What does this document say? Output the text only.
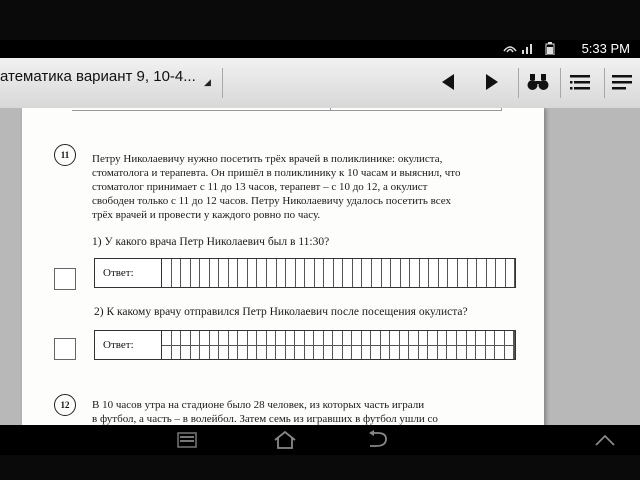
5:33 PM
атематика вариант 9, 10-4... ◢
11	Петру Николаевичу нужно посетить трёх врачей в поликлинике: окулиста,
стоматолога и терапевта. Он пришёл в поликлинику к 10 часам и выяснил, что
стоматолог принимает с 11 до 13 часов, терапевт – с 10 до 12, а окулист
свободен только с 11 до 12 часов. Петру Николаевичу удалось посетить всех
трёх врачей и провести у каждого ровно по часу.
1) У какого врача Петр Николаевич был в 11:30?
Ответ:
2) К какому врачу отправился Петр Николаевич после посещения окулиста?
Ответ:
12	В 10 часов утра на стадионе было 28 человек, из которых часть играли
в футбол, а часть – в волейбол. Затем семь из игравших в футбол ушли со
